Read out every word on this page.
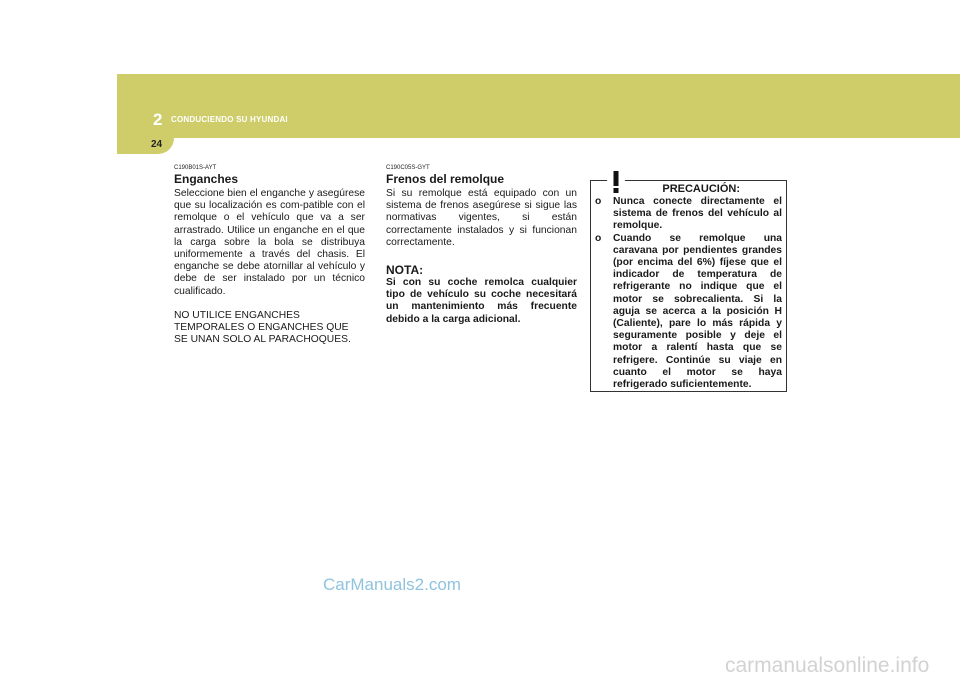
2 CONDUCIENDO SU HYUNDAI
24
C190B01S-AYT
Enganches
Seleccione bien el enganche y asegúrese que su localización es com-patible con el remolque o el vehículo que va a ser arrastrado. Utilice un enganche en el que la carga sobre la bola se distribuya uniformemente a través del chasis. El enganche se debe atornillar al vehículo y debe de ser instalado por un técnico cualificado.
NO UTILICE ENGANCHES TEMPORALES O ENGANCHES QUE SE UNAN SOLO AL PARACHOQUES.
C190C05S-GYT
Frenos del remolque
Si su remolque está equipado con un sistema de frenos asegúrese si sigue las normativas vigentes, si están correctamente instalados y si funcionan correctamente.
NOTA:
Si con su coche remolca cualquier tipo de vehículo su coche necesitará un mantenimiento más frecuente debido a la carga adicional.
PRECAUCIÓN:
o Nunca conecte directamente el sistema de frenos del vehículo al remolque.
o Cuando se remolque una caravana por pendientes grandes (por encima del 6%) fíjese que el indicador de temperatura de refrigerante no indique que el motor se sobrecalienta. Si la aguja se acerca a la posición H (Caliente), pare lo más rápida y seguramente posible y deje el motor a ralentí hasta que se refrigere. Continúe su viaje en cuanto el motor se haya refrigerado suficientemente.
CarManuals2.com
carmanualsonline.info
